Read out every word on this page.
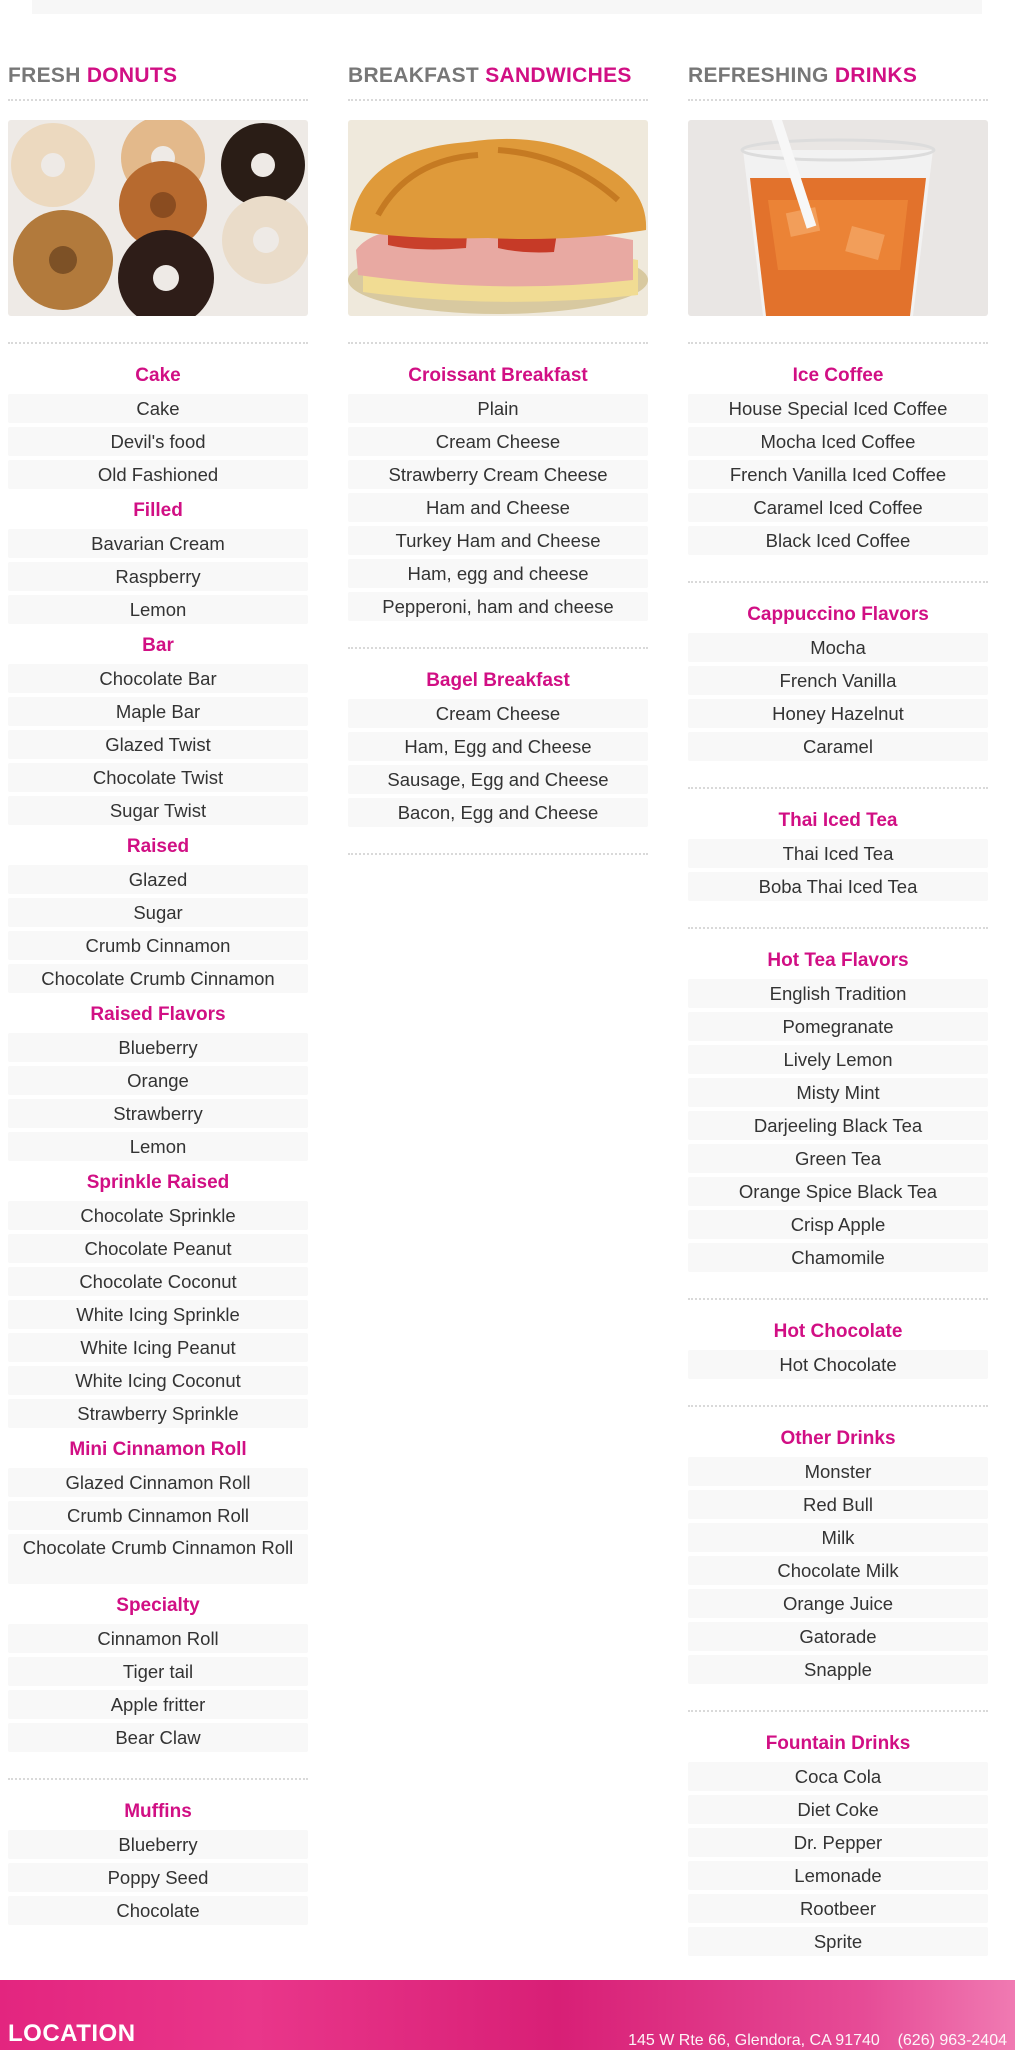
FRESH DONUTS
Cake
Cake
Devil's food
Old Fashioned
Filled
Bavarian Cream
Raspberry
Lemon
Bar
Chocolate Bar
Maple Bar
Glazed Twist
Chocolate Twist
Sugar Twist
Raised
Glazed
Sugar
Crumb Cinnamon
Chocolate Crumb Cinnamon
Raised Flavors
Blueberry
Orange
Strawberry
Lemon
Sprinkle Raised
Chocolate Sprinkle
Chocolate Peanut
Chocolate Coconut
White Icing Sprinkle
White Icing Peanut
White Icing Coconut
Strawberry Sprinkle
Mini Cinnamon Roll
Glazed Cinnamon Roll
Crumb Cinnamon Roll
Chocolate Crumb Cinnamon Roll
Specialty
Cinnamon Roll
Tiger tail
Apple fritter
Bear Claw
Muffins
Blueberry
Poppy Seed
Chocolate
BREAKFAST SANDWICHES
Croissant Breakfast
Plain
Cream Cheese
Strawberry Cream Cheese
Ham and Cheese
Turkey Ham and Cheese
Ham, egg and cheese
Pepperoni, ham and cheese
Bagel Breakfast
Cream Cheese
Ham, Egg and Cheese
Sausage, Egg and Cheese
Bacon, Egg and Cheese
REFRESHING DRINKS
Ice Coffee
House Special Iced Coffee
Mocha Iced Coffee
French Vanilla Iced Coffee
Caramel Iced Coffee
Black Iced Coffee
Cappuccino Flavors
Mocha
French Vanilla
Honey Hazelnut
Caramel
Thai Iced Tea
Thai Iced Tea
Boba Thai Iced Tea
Hot Tea Flavors
English Tradition
Pomegranate
Lively Lemon
Misty Mint
Darjeeling Black Tea
Green Tea
Orange Spice Black Tea
Crisp Apple
Chamomile
Hot Chocolate
Hot Chocolate
Other Drinks
Monster
Red Bull
Milk
Chocolate Milk
Orange Juice
Gatorade
Snapple
Fountain Drinks
Coca Cola
Diet Coke
Dr. Pepper
Lemonade
Rootbeer
Sprite
LOCATION	145 W Rte 66, Glendora, CA 91740 (626) 963-2404
